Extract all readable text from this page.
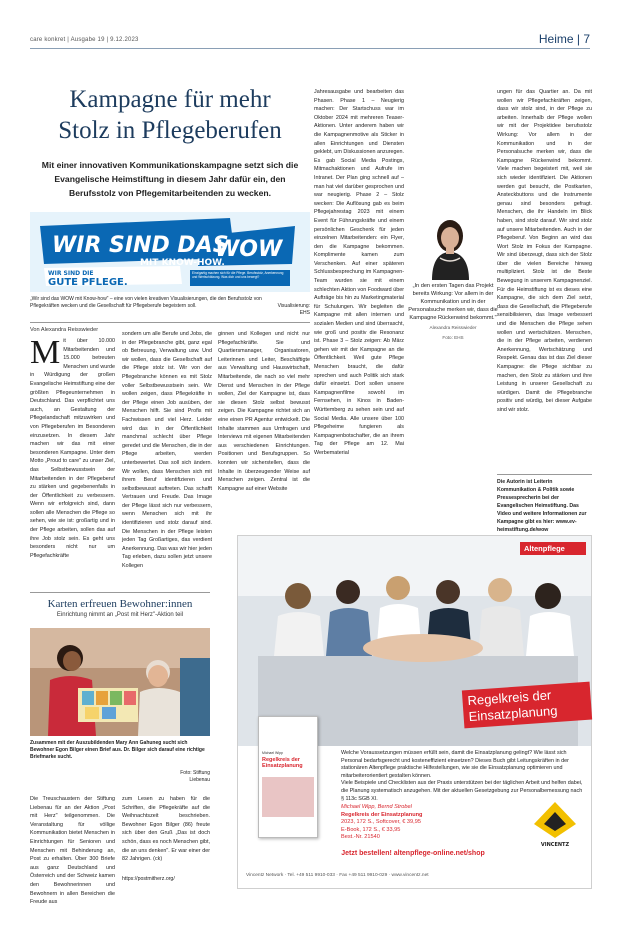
care konkret | Ausgabe 19 | 9.12.2023	Heime | 7
Kampagne für mehr
Stolz in Pflegeberufen
Mit einer innovativen Kommunikationskampagne setzt sich die Evangelische Heimstiftung in diesem Jahr dafür ein, den Berufsstolz von Pflegemitarbeitenden zu wecken.
WIR SIND DAS
WOW
MIT KNOW-HOW.
WIR SIND DIE
GUTE PFLEGE.
Einzigartig machen sich für die Pflege. Berufsstolz, Anerkennung und Wertschätzung. Was dich und uns bewegt?
„Wir sind das WOW mit Know-how" – eine von vielen kreativen Visualisierungen, die den Berufsstolz von Pflegekräften wecken und die Gesellschaft für Pflegeberufe begeistern soll.	Visualisierung: EHS
Von Alexandra Reisswieder
Mit über 10.000 Mitarbeitenden und 15.000 betreuten Menschen und wurde in Würdigung der großen Evangelische Heimstiftung eine der größten Pflegeunternehmen in Deutschland. Das verpflichtet uns auch, an Gestaltung der Pflegelandschaft mitzuwirken und von Pflegeberufen im Besonderen einzusetzen. In diesem Jahr machen wir das mit einer besonderen Kampagne. Unter dem Motto „Proud to care" zu unser Ziel, das Selbstbewusstsein der Mitarbeitenden in der Pflegeberuf zu stärken und gegebenenfalls in der Öffentlichkeit zu verbessern. Wenn wir erfolgreich sind, dann sollen alle Menschen die Pflege so sehen, wie sie ist: großartig und in der Pflege arbeiten, sollen das auf ihre Job stolz sein. Es geht uns besonders nicht nur um Pflegefachkräfte
sondern um alle Berufe und Jobs, die in der Pflegebranche gibt, ganz egal ob Betreuung, Verwaltung usw. Und wir wollen, dass die Gesellschaft auf die Pflege stolz ist. Wir von der Pflegebranche können es mit Stolz voller Selbstbewusstsein sein. Wir wollen zeigen, dass Pflegekräfte in der Pflege einen Job ausüben, der Menschen hilft. Sie sind Profis mit Fachwissen und viel Herz. Leider wird das in der Öffentlichkeit manchmal schlecht über Pflege geredet und die Menschen, die in der Pflege arbeiten, werden unterbewertet. Das soll sich ändern. Wir wollen, dass Menschen sich mit ihrem Beruf identifizieren und selbstbewusst auftreten. Das schafft Vertrauen und Freude. Das Image der Pflege lässt sich nur verbessern, wenn Menschen sich mit ihr identifizieren und stolz darauf sind. Die Menschen in der Pflege leisten jeden Tag Großartiges, das verdient Anerkennung. Das was wir hier jeden Tag erleben, dazu sollen jetzt unsere Kollegen
ginnen und Kollegen und nicht nur Pflegefachkräfte. Sie und Quartiersmanager, Organisatoren, Leiterinnen und Leiter, Beschäftigte aus Verwaltung und Hauswirtschaft, Mitarbeitende, die nach so viel mehr Dienst und Menschen in der Pflege wollen, Ziel der Kampagne ist, dass sie diesen Stolz selbst bewusst zeigen. Die Kampagne richtet sich an eine einen PR Agentur entwickelt. Die Inhalte stammen aus Umfragen und Interviews mit eigenen Mitarbeitenden aus verschiedenen Einrichtungen. Positionen und Berufsgruppen. So konnten wir sicherstellen, dass die Inhalte in überzeugender Weise auf Menschen zeigen. Zentral ist die Kampagne auf einer Website
Jahresausgabe und bearbeiten das Phasen. Phase 1 – Neugierig machen: Der Startschuss war im Oktober 2024 mit mehreren Teaser-Aktionen. Unter anderem haben wir die Kampagnenmotive als Sticker in allen Einrichtungen und Diensten geklebt, um Diskussionen anzuregen. Es gab Social Media Postings, Mitmachaktionen und Aufrufe im Intranet. Der Plan ging schnell auf – man hat viel darüber gesprochen und war neugierig. Phase 2 – Stolz wecken: Die Auflösung gab es beim Pflegejahrestag 2023 mit einem Event für Führungskräfte und einem persönlichen Geschenk für jeden einzelnen Mitarbeitenden: ein Flyer, den die Kampagne bekommen. Komplimente kamen zum Verschenken. Auf einer späteren Schlussbesprechung im Kampagnen-Team wurden sie mit einem schlechten Aktion von Foodward über Aufträge bis hin zu Marketingmaterial für Schulungen. Wir begleiten die Kampagne mit allen internen und sozialen Medien und sind überrascht, wie groß und positiv die Resonanz ist. Phase 3 – Stolz zeigen: Ab März gehen wir mit der Kampagne an die Öffentlichkeit. Weil gute Pflege Menschen braucht, die dafür sprechen und auch Politik sich stark dafür einsetzt. Dort sollen unsere Kampagnenfilme sowohl im Fernsehen, in Kinos in Baden-Württemberg zu sehen sein und auf Social Media. Alle unsere über 100 Pflegeheime fungieren als Kampagnenbotschafter, die an ihrem Tag der Pflege am 12. Mai Werbematerial
ungen für das Quartier an. Da mit wollen wir Pflegefachkräften zeigen, dass wir stolz sind, in der Pflege zu arbeiten. Innerhalb der Pflege wollen wir mit der Projektidee berufsstolz Wirkung: Vor allem in der Kommunikation und in der Personalsuche merken wir, dass die Kampagne Rückenwind bekommt. Viele machen begeistert mit, weil sie sich wieder identifiziert. Die Aktionen werden gut besucht, die Postkarten, Ansteckbuttons und die Instrumente genau sind besonders gefragt. Menschen, die ihr Handeln im Blick haben, sind stolz darauf. Wir sind stolz auf unsere Mitarbeitenden. Auch in der Pflegeberuf. Von Beginn an wird das Wort Stolz im Fokus der Kampagne. Wir sind überzeugt, dass sich der Stolz über die vielen Bereiche hinweg multipliziert. Stolz ist die Beste Bewegung in unserem Kampagnenziel. Für die Heimstiftung ist es dieses eine Kampagne, die sich dem Ziel setzt, dass die Gesellschaft, die Pflegeberufe sensibilisieren, das Image verbessert und die Menschen die Pflege sehen wollen und wertschätzen. Menschen, die in der Pflege arbeiten, verdienen Anerkennung, Wertschätzung und Respekt. Genau das ist das Ziel dieser Kampagne: die Pflege sichtbar zu machen, den Stolz zu stärken und ihre Leistung in unserer Gesellschaft zu würdigen. Damit die Pflegebranche positiv und würdig, bei dieser Aufgabe sind wir stolz.
„In den ersten Tagen das Projekt bereits Wirkung: Vor allem in der Kommunikation und in der Personalsuche merken wir, dass die Kampagne Rückenwind bekommt."
Alexandra Reisswieder
Foto: EHS
Die Autorin ist Leiterin Kommunikation & Politik sowie Pressesprecherin bei der Evangelischen Heimstiftung. Das Video und weitere Informationen zur Kampagne gibt es hier: www.ev-heimstiftung.de/wow
Karten erfreuen Bewohner:innen
Einrichtung nimmt an „Post mit Herz"-Aktion teil
Zusammen mit der Auszubildenden Mary Ann Gahuneg sucht sich Bewohner Egon Bilger einen Brief aus. Dr. Bilger sich darauf eine richtige Briefmarke sucht.
Foto: Stiftung Liebenau
Die Treuschaustern der Stiftung Liebenau für an der Aktion „Post mit Herz" teilgenommen. Die Veranstaltung für völlige Kommunikation bietet Menschen in Einrichtungen für Senioren und Menschen mit Behinderung an, Post zu erhalten. Über 300 Briefe aus ganz Deutschland und Österreich und der Schweiz kamen den Bewohnerinnen und Bewohnern in allen Bereichen die Freude aus
zum Lesen zu haben für die Schriften, die Pflegekräfte auf die Weihnachtszeit beschrieben. Bewohner Egon Bilger (86) freute sich über den Gruß „Das ist doch schön, dass es noch Menschen gibt, die an uns denken". Er war einer der 82 Jahrigen. (ck)
https://postmitherz.org/
Altenpflege
Regelkreis der
Einsatzplanung
Michael Wipp
Regelkreis der Einsatzplanung
Welche Voraussetzungen müssen erfüllt sein, damit die Einsatzplanung gelingt? Wie lässt sich Personal bedarfsgerecht und kosteneffizient einsetzen? Dieses Buch gibt Leitungskräften in der stationären Altenpflege praktische Hilfestellungen, wie sie die Einsatzplanung optimieren und mitarbeiterorientiert gestalten können.
Viele Beispiele und Checklisten aus der Praxis unterstützen bei der täglichen Arbeit und helfen dabei, die Planung systematisch anzugehen. Mit der aktuellen Gesetzgebung zur Personalbemessung nach § 113c SGB XI.
Michael Wipp, Bernd Strobel
Regelkreis der Einsatzplanung
2023, 172 S., Softcover, € 39,95
E-Book, 172 S., € 33,95
Best.-Nr. 21540
VINCENTZ
Jetzt bestellen! altenpflege-online.net/shop
Vincentz Network · Tel. +49 511 9910-033 · Fax +49 511 9910-029 · www.vincentz.net
